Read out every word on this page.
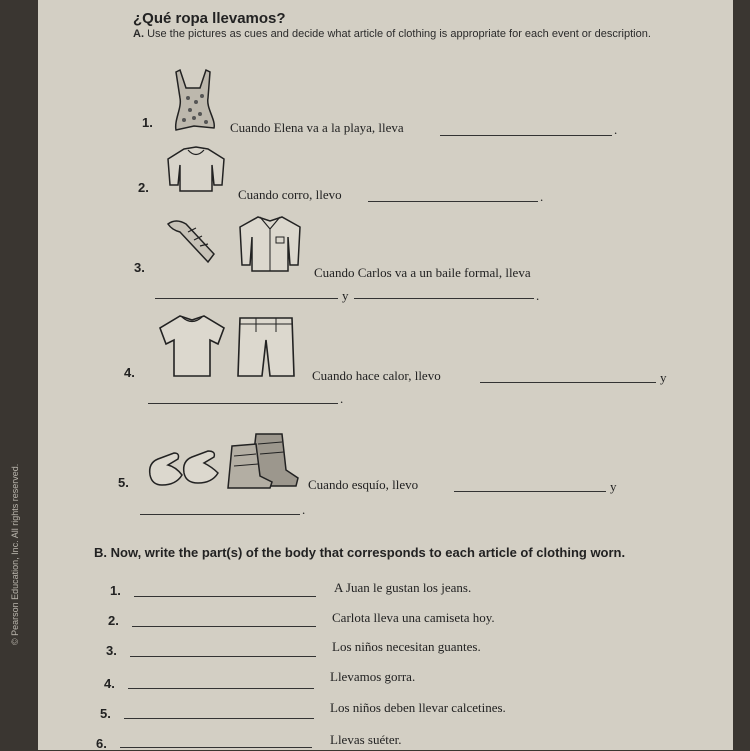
© Pearson Education, Inc. All rights reserved.
¿Qué ropa llevamos?
A. Use the pictures as cues and decide what article of clothing is appropriate for each event or description.
1.	Cuando Elena va a la playa, lleva	.
2.	Cuando corro, llevo	.
3.	Cuando Carlos va a un baile formal, lleva
y	.
4.	Cuando hace calor, llevo	y
.
5.	Cuando esquío, llevo	y
.
B. Now, write the part(s) of the body that corresponds to each article of clothing worn.
1.	A Juan le gustan los jeans.
2.	Carlota lleva una camiseta hoy.
3.	Los niños necesitan guantes.
4.	Llevamos gorra.
5.	Los niños deben llevar calcetines.
6.	Llevas suéter.
